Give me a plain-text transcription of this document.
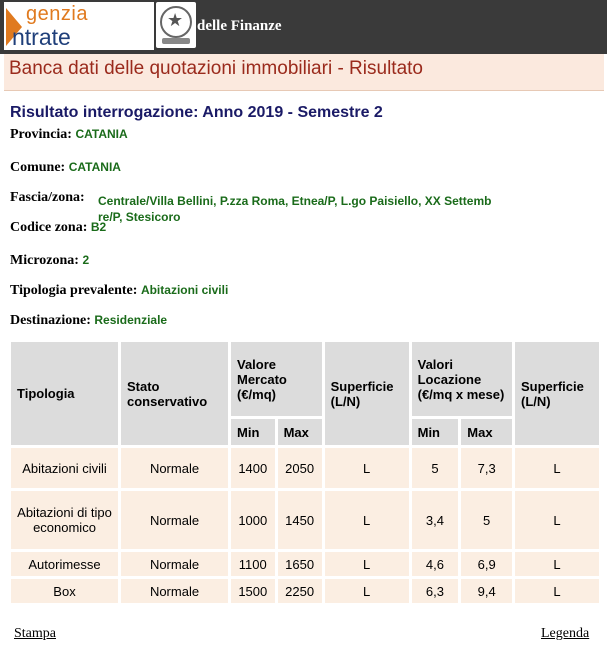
genzia
ntrate ★	delle Finanze
Banca dati delle quotazioni immobiliari - Risultato
Risultato interrogazione: Anno 2019 - Semestre 2
Provincia: CATANIA
Comune: CATANIA
Fascia/zona: Centrale/Villa Bellini, P.zza Roma, Etnea/P, L.go Paisiello, XX Settembre/P, Stesicoro
Codice zona: B2
Microzona: 2
Tipologia prevalente: Abitazioni civili
Destinazione: Residenziale
Tipologia	Stato conservativo	Valore Mercato (€/mq)		Superficie (L/N)	Valori Locazione (€/mq x mese)		Superficie (L/N)
		Min	Max		Min	Max	
Abitazioni civili	Normale	1400	2050	L	5	7,3	L
Abitazioni di tipo economico	Normale	1000	1450	L	3,4	5	L
Autorimesse	Normale	1100	1650	L	4,6	6,9	L
Box	Normale	1500	2250	L	6,3	9,4	L
Stampa	Legenda
